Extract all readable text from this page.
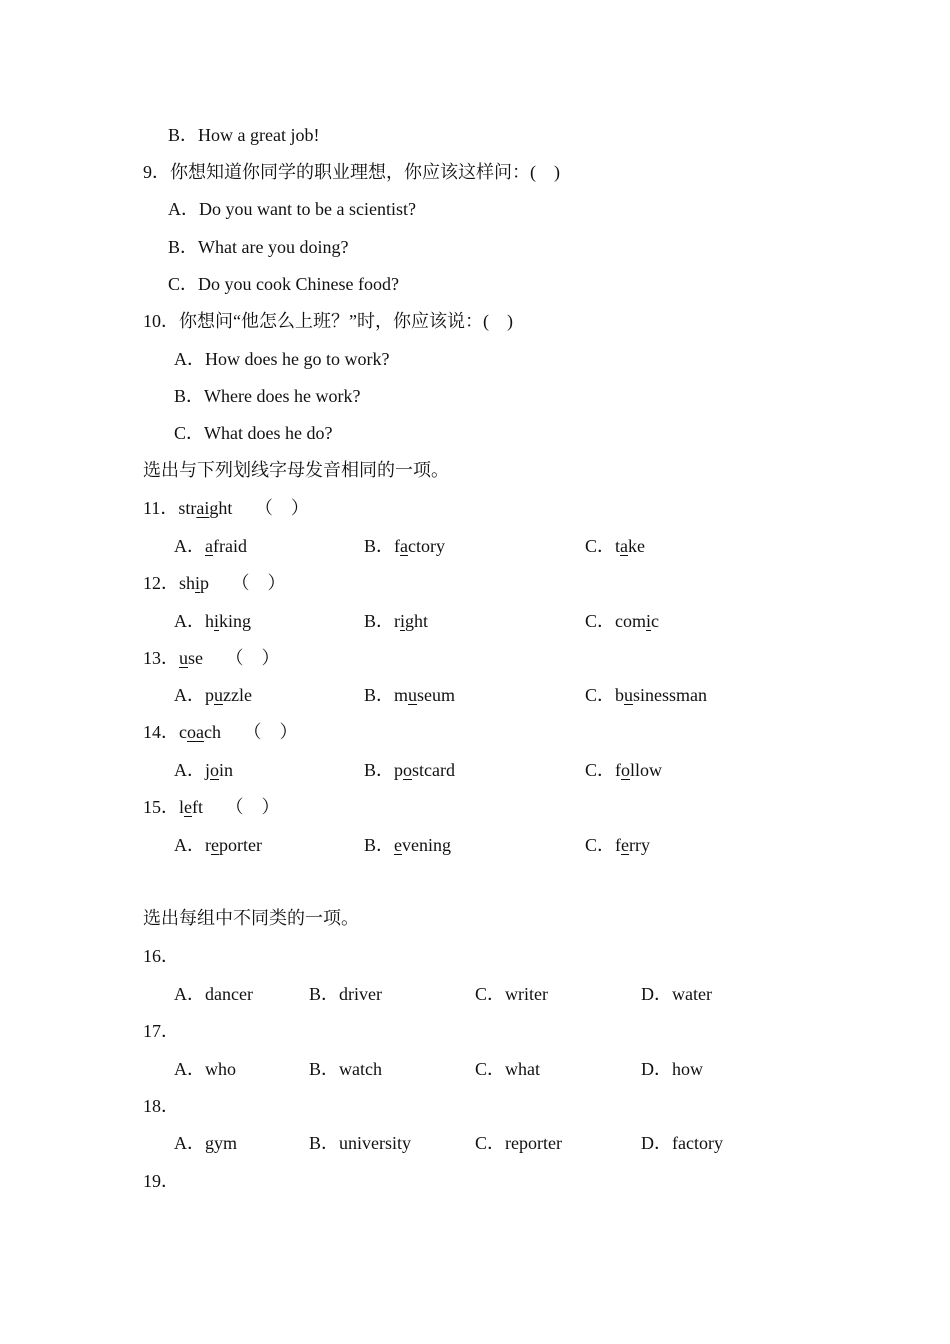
B．How a great job!
9．你想知道你同学的职业理想，你应该这样问：(　)
A．Do you want to be a scientist?
B．What are you doing?
C．Do you cook Chinese food?
10．你想问“他怎么上班？”时，你应该说：(　)
A．How does he go to work?
B．Where does he work?
C．What does he do?
选出与下列划线字母发音相同的一项。
11．straight （　）
A．afraid	B．factory	C．take
12．ship （　）
A．hiking	B．right	C．comic
13．use （　）
A．puzzle	B．museum	C．businessman
14．coach （　）
A．join	B．postcard	C．follow
15．left （　）
A．reporter	B．evening	C．ferry
选出每组中不同类的一项。
16．
A．dancer	B．driver	C．writer	D．water
17．
A．who	B．watch	C．what	D．how
18．
A．gym	B．university	C．reporter	D．factory
19．
